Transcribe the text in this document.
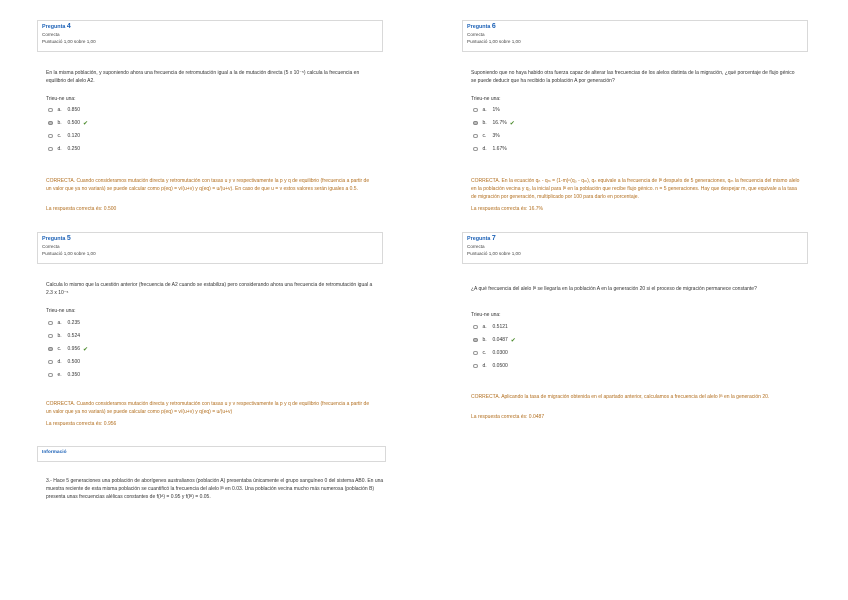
Pregunta 4
Correcta
Puntuació 1,00 sobre 1,00
En la misma población, y suponiendo ahora una frecuencia de retromutación igual a la de mutación directa (5 x 10⁻⁵) calcula la frecuencia en equilibrio del alelo A2.
Trieu-ne una:
a.	0.850
b.	0.500 ✔
c.	0.120
d.	0.250
CORRECTA. Cuando consideramos mutación directa y retromutación con tasas u y v respectivamente la p y q de equilibrio (frecuencia a partir de un valor que ya no variará) se puede calcular como p(eq) = v/(u+v) y q(eq) = u/(u+v). En caso de que u = v estos valores serán iguales a 0.5.
La respuesta correcta és: 0.500
Pregunta 5
Correcta
Puntuació 1,00 sobre 1,00
Calcula lo mismo que la cuestión anterior (frecuencia de A2 cuando se estabiliza) pero considerando ahora una frecuencia de retromutación igual a 2.3 x 10⁻⁵
Trieu-ne una:
a.	0.235
b.	0.524
c.	0.956 ✔
d.	0.500
e.	0.350
CORRECTA. Cuando consideramos mutación directa y retromutación con tasas u y v respectivamente la p y q de equilibrio (frecuencia a partir de un valor que ya no variará) se puede calcular como p(eq) = v/(u+v) y q(eq) = u/(u+v)
La respuesta correcta és: 0.956
Informació
3.- Hace 5 generaciones una población de aborígenes australianos (población A) presentaba únicamente el grupo sanguíneo 0 del sistema AB0. En una muestra reciente de esta misma población se cuantificó la frecuencia del alelo Iᴮ en 0.03. Una población vecina mucho más numerosa (población B) presenta unas frecuencias alélicas constantes de f(Iᴬ) = 0.95 y f(Iᴮ) = 0.05.
Pregunta 6
Correcta
Puntuació 1,00 sobre 1,00
Suponiendo que no haya habido otra fuerza capaz de alterar las frecuencias de los alelos distinta de la migración, ¿qué porcentaje de flujo génico se puede deducir que ha recibido la población A por generación?
Trieu-ne una:
a.	1%
b.	16.7% ✔
c.	3%
d.	1.67%
CORRECTA. En la ecuación qₙ - qₘ = (1-m)ⁿ(q₀ - qₘ), qₙ equivale a la frecuencia de Iᴮ después de 5 generaciones, qₘ la frecuencia del mismo alelo en la población vecina y q₀ la inicial para Iᴮ en la población que recibe flujo génico. n = 5 generaciones. Hay que despejar m, que equivale a la tasa de migración por generación, multiplicado por 100 para darlo en porcentaje.
La respuesta correcta és: 16.7%
Pregunta 7
Correcta
Puntuació 1,00 sobre 1,00
¿A qué frecuencia del alelo Iᴮ se llegaría en la población A en la generación 20 si el proceso de migración permanece constante?
Trieu-ne una:
a.	0.5121
b.	0.0487 ✔
c.	0.0300
d.	0.0500
CORRECTA. Aplicando la tasa de migración obtenida en el apartado anterior, calculamos a frecuencia del alelo Iᴮ en la generación 20.
La respuesta correcta és: 0.0487
